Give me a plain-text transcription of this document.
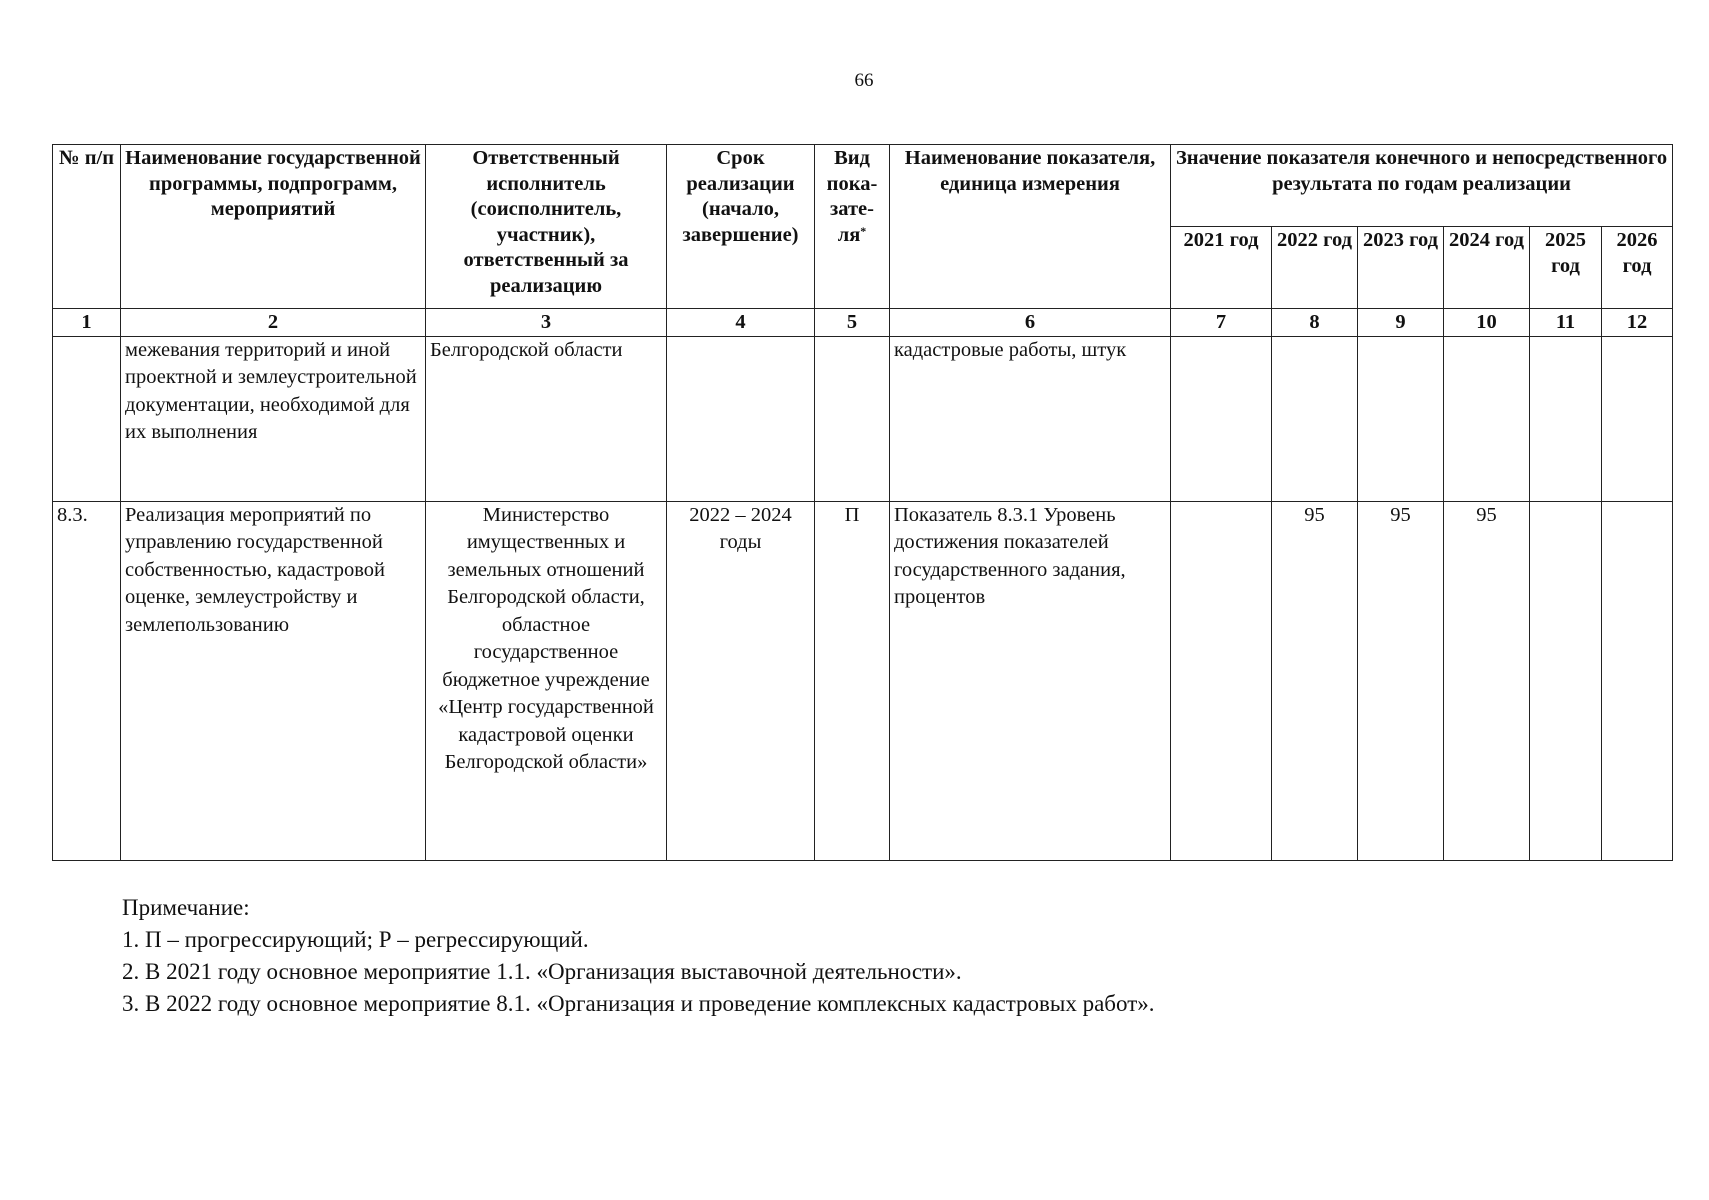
66
№ п/п	Наименование государственной программы, подпрограмм, мероприятий	Ответственный исполнитель (соисполнитель, участник), ответственный за реализацию	Срок реализации (начало, завершение)	Вид пока-зате-ля*	Наименование показателя, единица измерения	Значение показателя конечного и непосредственного результата по годам реализации					
						2021 год	2022 год	2023 год	2024 год	2025 год	2026 год
1	2	3	4	5	6	7	8	9	10	11	12
	межевания территорий и иной проектной и землеустроительной документации, необходимой для их выполнения	Белгородской области			кадастровые работы, штук						
8.3.	Реализация мероприятий по управлению государственной собственностью, кадастровой оценке, землеустройству и землепользованию	Министерство имущественных и земельных отношений Белгородской области, областное государственное бюджетное учреждение «Центр государственной кадастровой оценки Белгородской области»	2022 – 2024 годы	П	Показатель 8.3.1 Уровень достижения показателей государственного задания, процентов		95	95	95		
Примечание:
1. П – прогрессирующий; Р – регрессирующий.
2. В 2021 году основное мероприятие 1.1. «Организация выставочной деятельности».
3. В 2022 году основное мероприятие 8.1. «Организация и проведение комплексных кадастровых работ».
